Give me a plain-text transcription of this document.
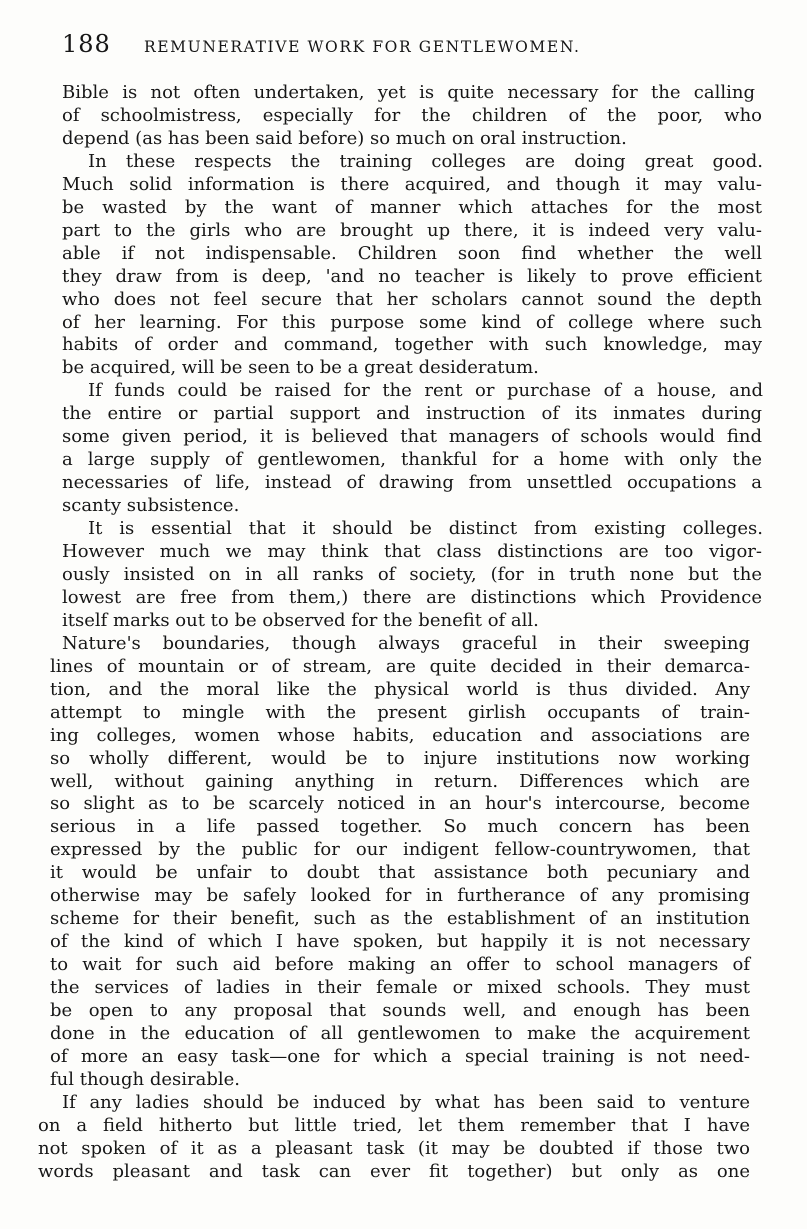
188 REMUNERATIVE WORK FOR GENTLEWOMEN.
Bible is not often undertaken, yet is quite necessary for the calling
of schoolmistress, especially for the children of the poor, who
depend (as has been said before) so much on oral instruction.
In these respects the training colleges are doing great good.
Much solid information is there acquired, and though it may valu-
be wasted by the want of manner which attaches for the most
part to the girls who are brought up there, it is indeed very valu-
able if not indispensable. Children soon find whether the well
they draw from is deep, 'and no teacher is likely to prove efficient
who does not feel secure that her scholars cannot sound the depth
of her learning. For this purpose some kind of college where such
habits of order and command, together with such knowledge, may
be acquired, will be seen to be a great desideratum.
If funds could be raised for the rent or purchase of a house, and
the entire or partial support and instruction of its inmates during
some given period, it is believed that managers of schools would find
a large supply of gentlewomen, thankful for a home with only the
necessaries of life, instead of drawing from unsettled occupations a
scanty subsistence.
It is essential that it should be distinct from existing colleges.
However much we may think that class distinctions are too vigor-
ously insisted on in all ranks of society, (for in truth none but the
lowest are free from them,) there are distinctions which Providence
itself marks out to be observed for the benefit of all.
Nature's boundaries, though always graceful in their sweeping
lines of mountain or of stream, are quite decided in their demarca-
tion, and the moral like the physical world is thus divided. Any
attempt to mingle with the present girlish occupants of train-
ing colleges, women whose habits, education and associations are
so wholly different, would be to injure institutions now working
well, without gaining anything in return. Differences which are
so slight as to be scarcely noticed in an hour's intercourse, become
serious in a life passed together. So much concern has been
expressed by the public for our indigent fellow-countrywomen, that
it would be unfair to doubt that assistance both pecuniary and
otherwise may be safely looked for in furtherance of any promising
scheme for their benefit, such as the establishment of an institution
of the kind of which I have spoken, but happily it is not necessary
to wait for such aid before making an offer to school managers of
the services of ladies in their female or mixed schools. They must
be open to any proposal that sounds well, and enough has been
done in the education of all gentlewomen to make the acquirement
of more an easy task—one for which a special training is not need-
ful though desirable.
If any ladies should be induced by what has been said to venture
on a field hitherto but little tried, let them remember that I have
not spoken of it as a pleasant task (it may be doubted if those two
words pleasant and task can ever fit together) but only as one
